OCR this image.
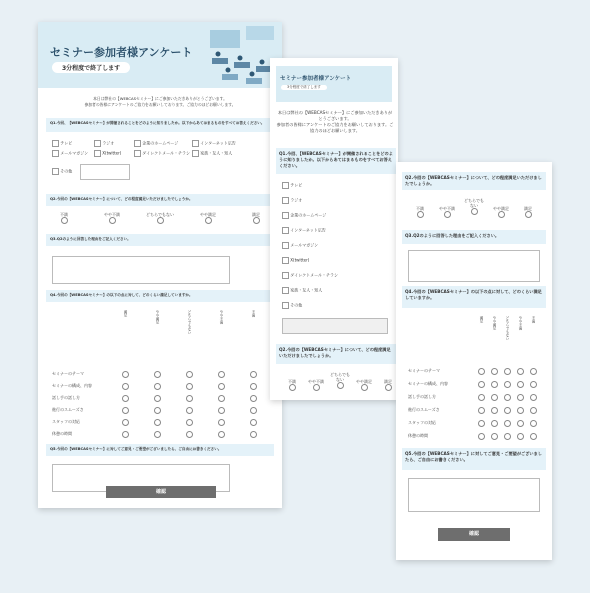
セミナー参加者様アンケート
3分程度で終了します
本日は弊社の【WEBCASセミナー】にご参加いただきありがとうございます。
参加者の皆様にアンケートのご協力をお願いしております。ご協力のほどお願いします。
Q1.今回、【WEBCASセミナー】が開催されることをどのように知りましたか。以下からあてはまるものをすべてお答えください。
テレビ	ラジオ	企業のホームページ	インターネット広告
メールマガジン	X(twitter)	ダイレクトメール・チラシ	家族・友人・知人
その他
Q2.今回の【WEBCASセミナー】について、どの程度満足いただけましたでしょうか。
不満	やや不満	どちらでもない	やや満足	満足
Q3.Q2のように回答した理由をご記入ください。
Q4.今回の【WEBCASセミナー】の以下の点に対して、どのくらい満足していますか。
満足	やや満足	どちらでもない	やや不満	不満
セミナーのテーマ
セミナーの構成、内容
話し手の話し方
進行のスムーズさ
スタッフの対応
休憩の時間
Q5.今回の【WEBCASセミナー】に対してご意見・ご要望がございましたら、ご自由にお書きください。
確認
セミナー参加者様アンケート
3分程度で終了します
本日は弊社の【WEBCASセミナー】にご参加いただきありがとうございます。
参加者の皆様にアンケートのご協力をお願いしております。ご協力のほどお願いします。
Q1.今回、【WEBCASセミナー】が開催されることをどのように知りましたか。以下からあてはまるものをすべてお答えください。
テレビ
ラジオ
企業のホームページ
インターネット広告
メールマガジン
X(twitter)
ダイレクトメール・チラシ
家族・友人・知人
その他
Q2.今回の【WEBCASセミナー】について、どの程度満足いただけましたでしょうか。
不満	やや不満
どちらでもない	やや満足	満足
Q2.今回の【WEBCASセミナー】について、どの程度満足いただけましたでしょうか。
不満	やや不満
どちらでもない
やや満足	満足
Q3.Q2のように回答した理由をご記入ください。
Q4.今回の【WEBCASセミナー】の以下の点に対して、どのくらい満足していますか。
満足	やや満足	どちらでもない	やや不満	不満
セミナーのテーマ
セミナーの構成、内容
話し手の話し方
進行のスムーズさ
スタッフの対応
休憩の時間
Q5.今回の【WEBCASセミナー】に対してご意見・ご要望がございましたら、ご自由にお書きください。
確認
